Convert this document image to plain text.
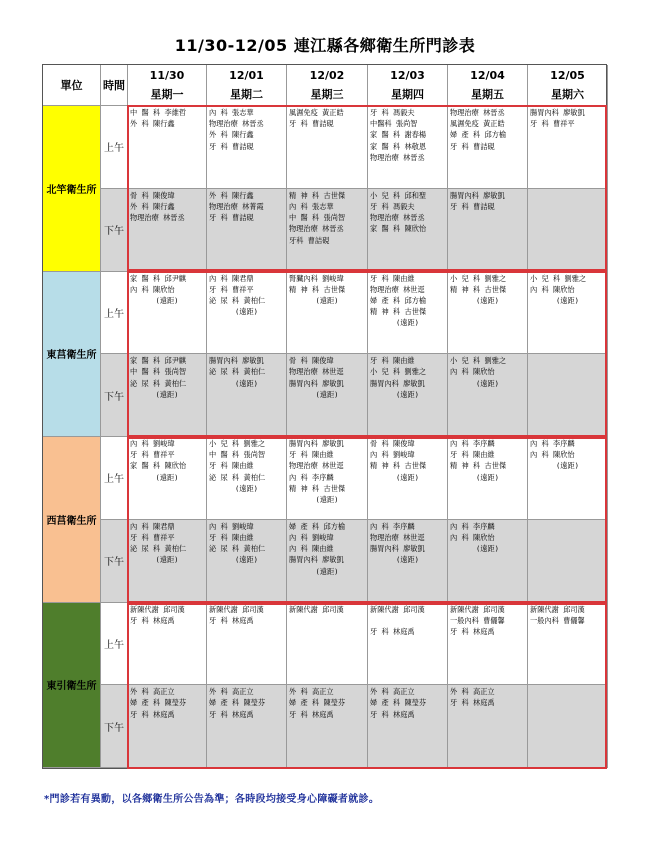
11/30-12/05 連江縣各鄉衛生所門診表
單位	時間
11/30
星期一
12/01
星期二
12/02
星期三
12/03
星期四
12/04
星期五
12/05
星期六
北竿衛生所
上午
中 醫 科 李維哲
外 科 陳行鑫
內 科 張志華
物理治療 林晉丞
外 科 陳行鑫
牙 科 曹詰硯
風濕免疫 黃正皓
牙 科 曹詰硯
牙 科 馮毅夫
中醫科 張尚智
家 醫 科 謝春楊
家 醫 科 林敬恩
物理治療 林晉丞
物理治療 林晉丞
風濕免疫 黃正皓
婦 產 科 邱方榆
牙 科 曹詰硯
腸胃內科 廖敏凱
牙 科 曹祥平
下午
骨 科 陳俊瑋
外 科 陳行鑫
物理治療 林晉丞
外 科 陳行鑫
物理治療 林菁霞
牙 科 曹詰硯
精 神 科 古世傑
內 科 張志華
中 醫 科 張尚智
物理治療 林晉丞
牙科 曹詰硯
小 兒 科 邱和聖
牙 科 馮毅夫
物理治療 林晉丞
家 醫 科 陳欣怡
腸胃內科 廖敏凱
牙 科 曹詰硯
東莒衛生所
上午
家 醫 科 邱尹麒
內 科 陳欣怡
(遠距)
內 科 陳君鼎
牙 科 曹祥平
泌 尿 科 黃柏仁
(遠距)
腎臟內科 劉峻瑋
精 神 科 古世傑
(遠距)
牙 科 陳由維
物理治療 林世逕
婦 產 科 邱方榆
精 神 科 古世傑
(遠距)
小 兒 科 劉雅之
精 神 科 古世傑
(遠距)
小 兒 科 劉雅之
內 科 陳欣怡
(遠距)
下午
家 醫 科 邱尹麒
中 醫 科 張尚智
泌 尿 科 黃柏仁
(遠距)
腸胃內科 廖敏凱
泌 尿 科 黃柏仁
(遠距)
骨 科 陳俊瑋
物理治療 林世逕
腸胃內科 廖敏凱
(遠距)
牙 科 陳由維
小 兒 科 劉雅之
腸胃內科 廖敏凱
(遠距)
小 兒 科 劉雅之
內 科 陳欣怡
(遠距)
西莒衛生所
上午
內 科 劉峻瑋
牙 科 曹祥平
家 醫 科 陳欣怡
(遠距)
小 兒 科 劉雅之
中 醫 科 張尚智
牙 科 陳由維
泌 尿 科 黃柏仁
(遠距)
腸胃內科 廖敏凱
牙 科 陳由維
物理治療 林世逕
內 科 李序麟
精 神 科 古世傑
(遠距)
骨 科 陳俊瑋
內 科 劉峻瑋
精 神 科 古世傑
(遠距)
內 科 李序麟
牙 科 陳由維
精 神 科 古世傑
(遠距)
內 科 李序麟
內 科 陳欣怡
(遠距)
下午
內 科 陳君鼎
牙 科 曹祥平
泌 尿 科 黃柏仁
(遠距)
內 科 劉峻瑋
牙 科 陳由維
泌 尿 科 黃柏仁
(遠距)
婦 產 科 邱方榆
內 科 劉峻瑋
內 科 陳由維
腸胃內科 廖敏凱
(遠距)
內 科 李序麟
物理治療 林世逕
腸胃內科 廖敏凱
(遠距)
內 科 李序麟
內 科 陳欣怡
(遠距)
東引衛生所
上午
新陳代謝 邱司漢
牙 科 林庭禹
新陳代謝 邱司漢
牙 科 林庭禹
新陳代謝 邱司漢	新陳代謝 邱司漢

牙 科 林庭禹
新陳代謝 邱司漢
一般內科 曹儷馨
牙 科 林庭禹
新陳代謝 邱司漢
一般內科 曹儷馨
下午
外 科 高正立
婦 產 科 陳瑩芬
牙 科 林庭禹
外 科 高正立
婦 產 科 陳瑩芬
牙 科 林庭禹
外 科 高正立
婦 產 科 陳瑩芬
牙 科 林庭禹
外 科 高正立
婦 產 科 陳瑩芬
牙 科 林庭禹
外 科 高正立
牙 科 林庭禹
*門診若有異動，以各鄉衛生所公告為準；各時段均接受身心障礙者就診。
